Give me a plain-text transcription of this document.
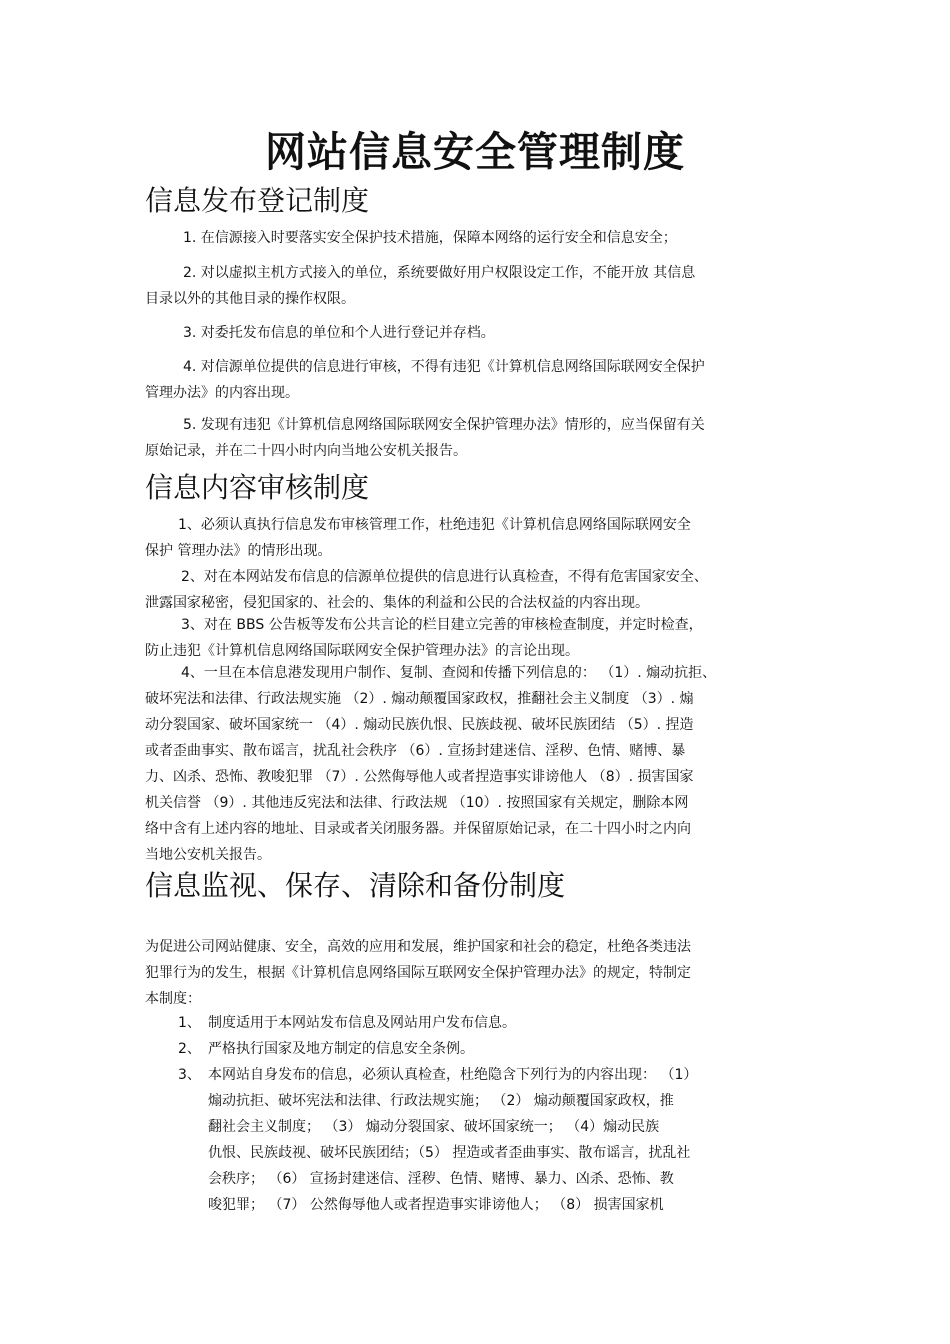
网站信息安全管理制度
信息发布登记制度
1. 在信源接入时要落实安全保护技术措施，保障本网络的运行安全和信息安全；
2. 对以虚拟主机方式接入的单位，系统要做好用户权限设定工作，不能开放 其信息
目录以外的其他目录的操作权限。
3. 对委托发布信息的单位和个人进行登记并存档。
4. 对信源单位提供的信息进行审核，不得有违犯《计算机信息网络国际联网安全保护
管理办法》的内容出现。
5. 发现有违犯《计算机信息网络国际联网安全保护管理办法》情形的，应当保留有关
原始记录，并在二十四小时内向当地公安机关报告。
信息内容审核制度
1、必须认真执行信息发布审核管理工作，杜绝违犯《计算机信息网络国际联网安全
保护 管理办法》的情形出现。
2、对在本网站发布信息的信源单位提供的信息进行认真检查，不得有危害国家安全、
泄露国家秘密，侵犯国家的、社会的、集体的利益和公民的合法权益的内容出现。
3、对在 BBS 公告板等发布公共言论的栏目建立完善的审核检查制度，并定时检查，
防止违犯《计算机信息网络国际联网安全保护管理办法》的言论出现。
4、一旦在本信息港发现用户制作、复制、查阅和传播下列信息的： （1）. 煽动抗拒、
破坏宪法和法律、行政法规实施 （2）. 煽动颠覆国家政权，推翻社会主义制度 （3）. 煽
动分裂国家、破坏国家统一 （4）. 煽动民族仇恨、民族歧视、破坏民族团结 （5）. 捏造
或者歪曲事实、散布谣言，扰乱社会秩序 （6）. 宣扬封建迷信、淫秽、色情、赌博、暴
力、凶杀、恐怖、教唆犯罪 （7）. 公然侮辱他人或者捏造事实诽谤他人 （8）. 损害国家
机关信誉 （9）. 其他违反宪法和法律、行政法规 （10）. 按照国家有关规定，删除本网
络中含有上述内容的地址、目录或者关闭服务器。并保留原始记录，在二十四小时之内向
当地公安机关报告。
信息监视、保存、清除和备份制度
为促进公司网站健康、安全，高效的应用和发展，维护国家和社会的稳定，杜绝各类违法
犯罪行为的发生，根据《计算机信息网络国际互联网安全保护管理办法》的规定，特制定
本制度：
1、 制度适用于本网站发布信息及网站用户发布信息。
2、 严格执行国家及地方制定的信息安全条例。
3、 本网站自身发布的信息，必须认真检查，杜绝隐含下列行为的内容出现： （1）
煽动抗拒、破坏宪法和法律、行政法规实施； （2） 煽动颠覆国家政权，推
翻社会主义制度； （3） 煽动分裂国家、破坏国家统一； （4）煽动民族
仇恨、民族歧视、破坏民族团结；（5） 捏造或者歪曲事实、散布谣言，扰乱社
会秩序； （6） 宣扬封建迷信、淫秽、色情、赌博、暴力、凶杀、恐怖、教
唆犯罪； （7） 公然侮辱他人或者捏造事实诽谤他人； （8） 损害国家机
